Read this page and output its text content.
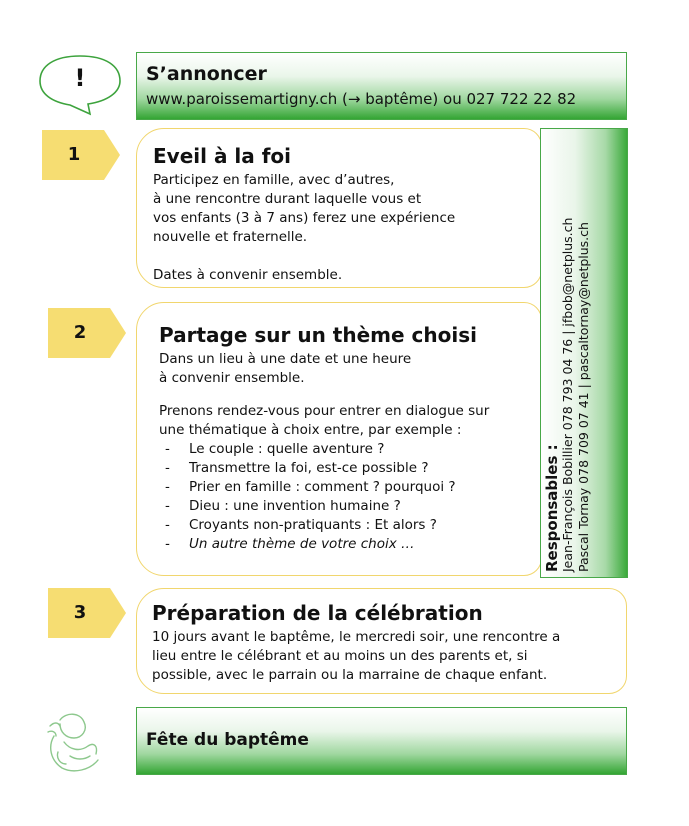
!	S’annoncer
www.paroissemartigny.ch (→ baptême) ou 027 722 22 82
1	Eveil à la foi
Participez en famille, avec d’autres,
à une rencontre durant laquelle vous et
vos enfants (3 à 7 ans) ferez une expérience
nouvelle et fraternelle.
Dates à convenir ensemble.
2	Partage sur un thème choisi
Dans un lieu à une date et une heure
à convenir ensemble.
Prenons rendez-vous pour entrer en dialogue sur
une thématique à choix entre, par exemple :
- Le couple : quelle aventure ?
- Transmettre la foi, est-ce possible ?
- Prier en famille : comment ? pourquoi ?
- Dieu : une invention humaine ?
- Croyants non-pratiquants : Et alors ?
- Un autre thème de votre choix …	Responsables : Jean-François Bobillier 078 793 04 76 | jfbob@netplus.ch Pascal Tornay 078 709 07 41 | pascaltornay@netplus.ch
3	Préparation de la célébration
10 jours avant le baptême, le mercredi soir, une rencontre a
lieu entre le célébrant et au moins un des parents et, si
possible, avec le parrain ou la marraine de chaque enfant.
Fête du baptême
